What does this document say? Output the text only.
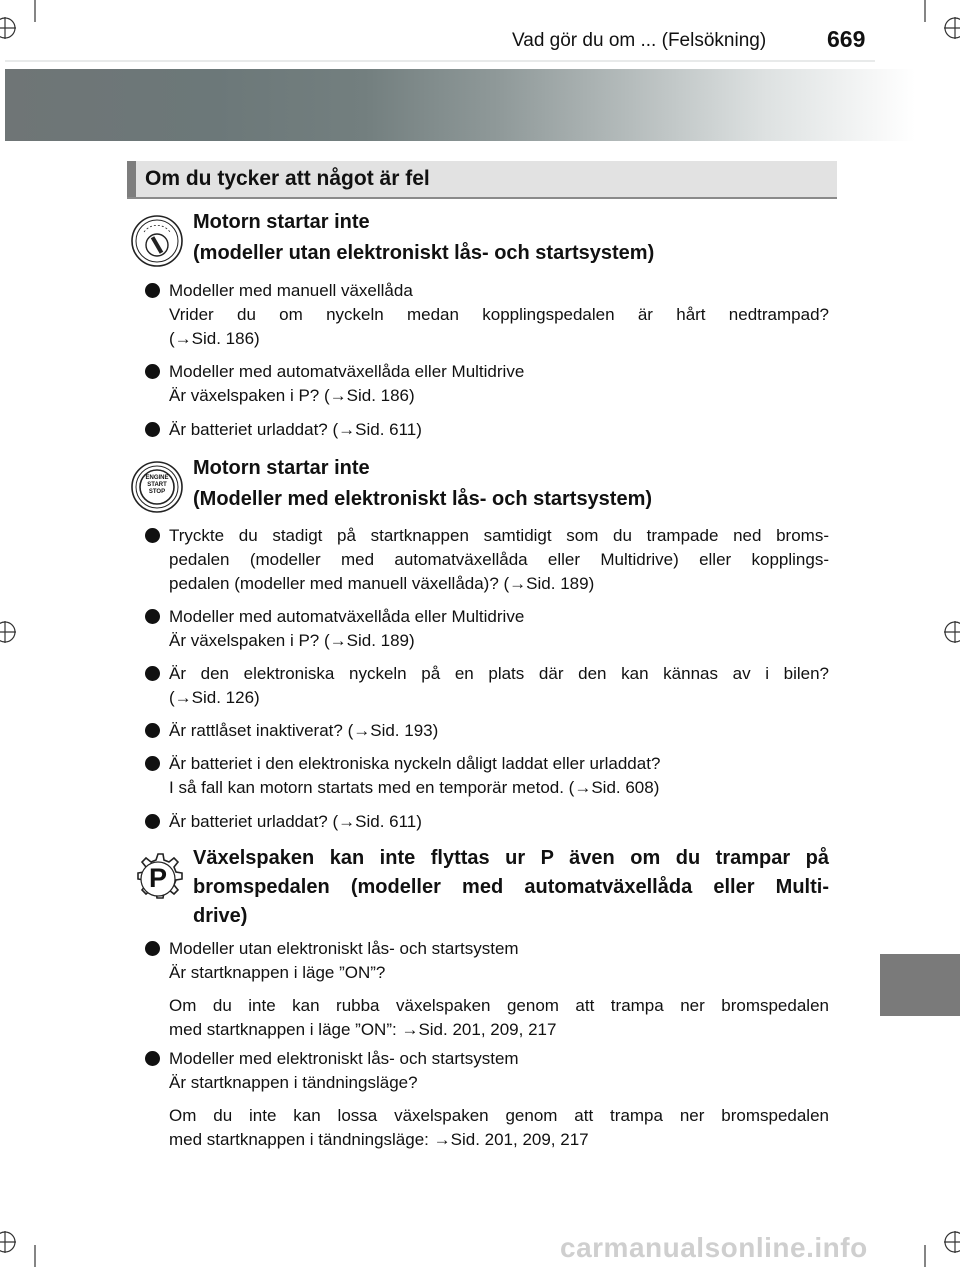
Vad gör du om ... (Felsökning)	669
Om du tycker att något är fel
Motorn startar inte
(modeller utan elektroniskt lås- och startsystem)
Modeller med manuell växellåda
Vrider du om nyckeln medan kopplingspedalen är hårt nedtrampad?
(→Sid. 186)
Modeller med automatväxellåda eller Multidrive
Är växelspaken i P? (→Sid. 186)
Är batteriet urladdat? (→Sid. 611)
ENGINE
START
STOP
Motorn startar inte
(Modeller med elektroniskt lås- och startsystem)
Tryckte du stadigt på startknappen samtidigt som du trampade ned broms-
pedalen (modeller med automatväxellåda eller Multidrive) eller kopplings-
pedalen (modeller med manuell växellåda)? (→Sid. 189)
Modeller med automatväxellåda eller Multidrive
Är växelspaken i P? (→Sid. 189)
Är den elektroniska nyckeln på en plats där den kan kännas av i bilen?
(→Sid. 126)
Är rattlåset inaktiverat? (→Sid. 193)
Är batteriet i den elektroniska nyckeln dåligt laddat eller urladdat?
I så fall kan motorn startats med en temporär metod. (→Sid. 608)
Är batteriet urladdat? (→Sid. 611)
P
Växelspaken kan inte flyttas ur P även om du trampar på
bromspedalen (modeller med automatväxellåda eller Multi-
drive)
Modeller utan elektroniskt lås- och startsystem
Är startknappen i läge ”ON”?
Om du inte kan rubba växelspaken genom att trampa ner bromspedalen
med startknappen i läge ”ON”: →Sid. 201, 209, 217
Modeller med elektroniskt lås- och startsystem
Är startknappen i tändningsläge?
Om du inte kan lossa växelspaken genom att trampa ner bromspedalen
med startknappen i tändningsläge: →Sid. 201, 209, 217
carmanualsonline.info
